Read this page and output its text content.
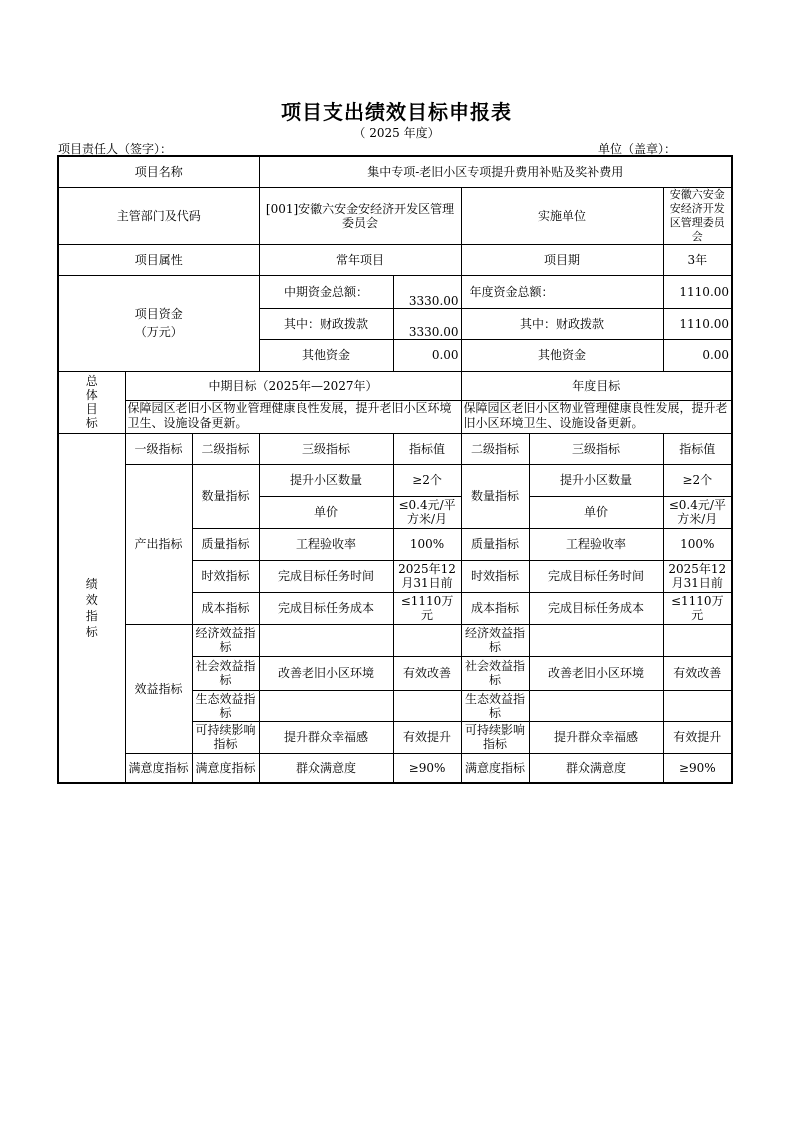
项目支出绩效目标申报表
（ 2025 年度）
项目责任人（签字）：	单位（盖章）：
项目名称			集中专项-老旧小区专项提升费用补贴及奖补费用				
主管部门及代码			[001]安徽六安金安经济开发区管理委员会		实施单位		安徽六安金安经济开发区管理委员会
项目属性			常年项目		项目期		3年
项目资金
（万元）			中期资金总额：	3330.00	年度资金总额：		1110.00
			其中：财政拨款	3330.00	其中：财政拨款		1110.00
			其他资金	0.00	其他资金		0.00
总
体
目
标	中期目标（2025年—2027年）				年度目标		
	保障园区老旧小区物业管理健康良性发展，提升老旧小区环境卫生、设施设备更新。				保障园区老旧小区物业管理健康良性发展，提升老旧小区环境卫生、设施设备更新。		
绩
效
指
标	一级指标	二级指标	三级指标	指标值	二级指标	三级指标	指标值
	产出指标	数量指标	提升小区数量	≥2个	数量指标	提升小区数量	≥2个
			单价	≤0.4元/平方米/月		单价	≤0.4元/平方米/月
		质量指标	工程验收率	100%	质量指标	工程验收率	100%
		时效指标	完成目标任务时间	2025年12月31日前	时效指标	完成目标任务时间	2025年12月31日前
		成本指标	完成目标任务成本	≤1110万元	成本指标	完成目标任务成本	≤1110万元
	效益指标	经济效益指标			经济效益指标		
		社会效益指标	改善老旧小区环境	有效改善	社会效益指标	改善老旧小区环境	有效改善
		生态效益指标			生态效益指标		
		可持续影响指标	提升群众幸福感	有效提升	可持续影响指标	提升群众幸福感	有效提升
	满意度指标	满意度指标	群众满意度	≥90%	满意度指标	群众满意度	≥90%
